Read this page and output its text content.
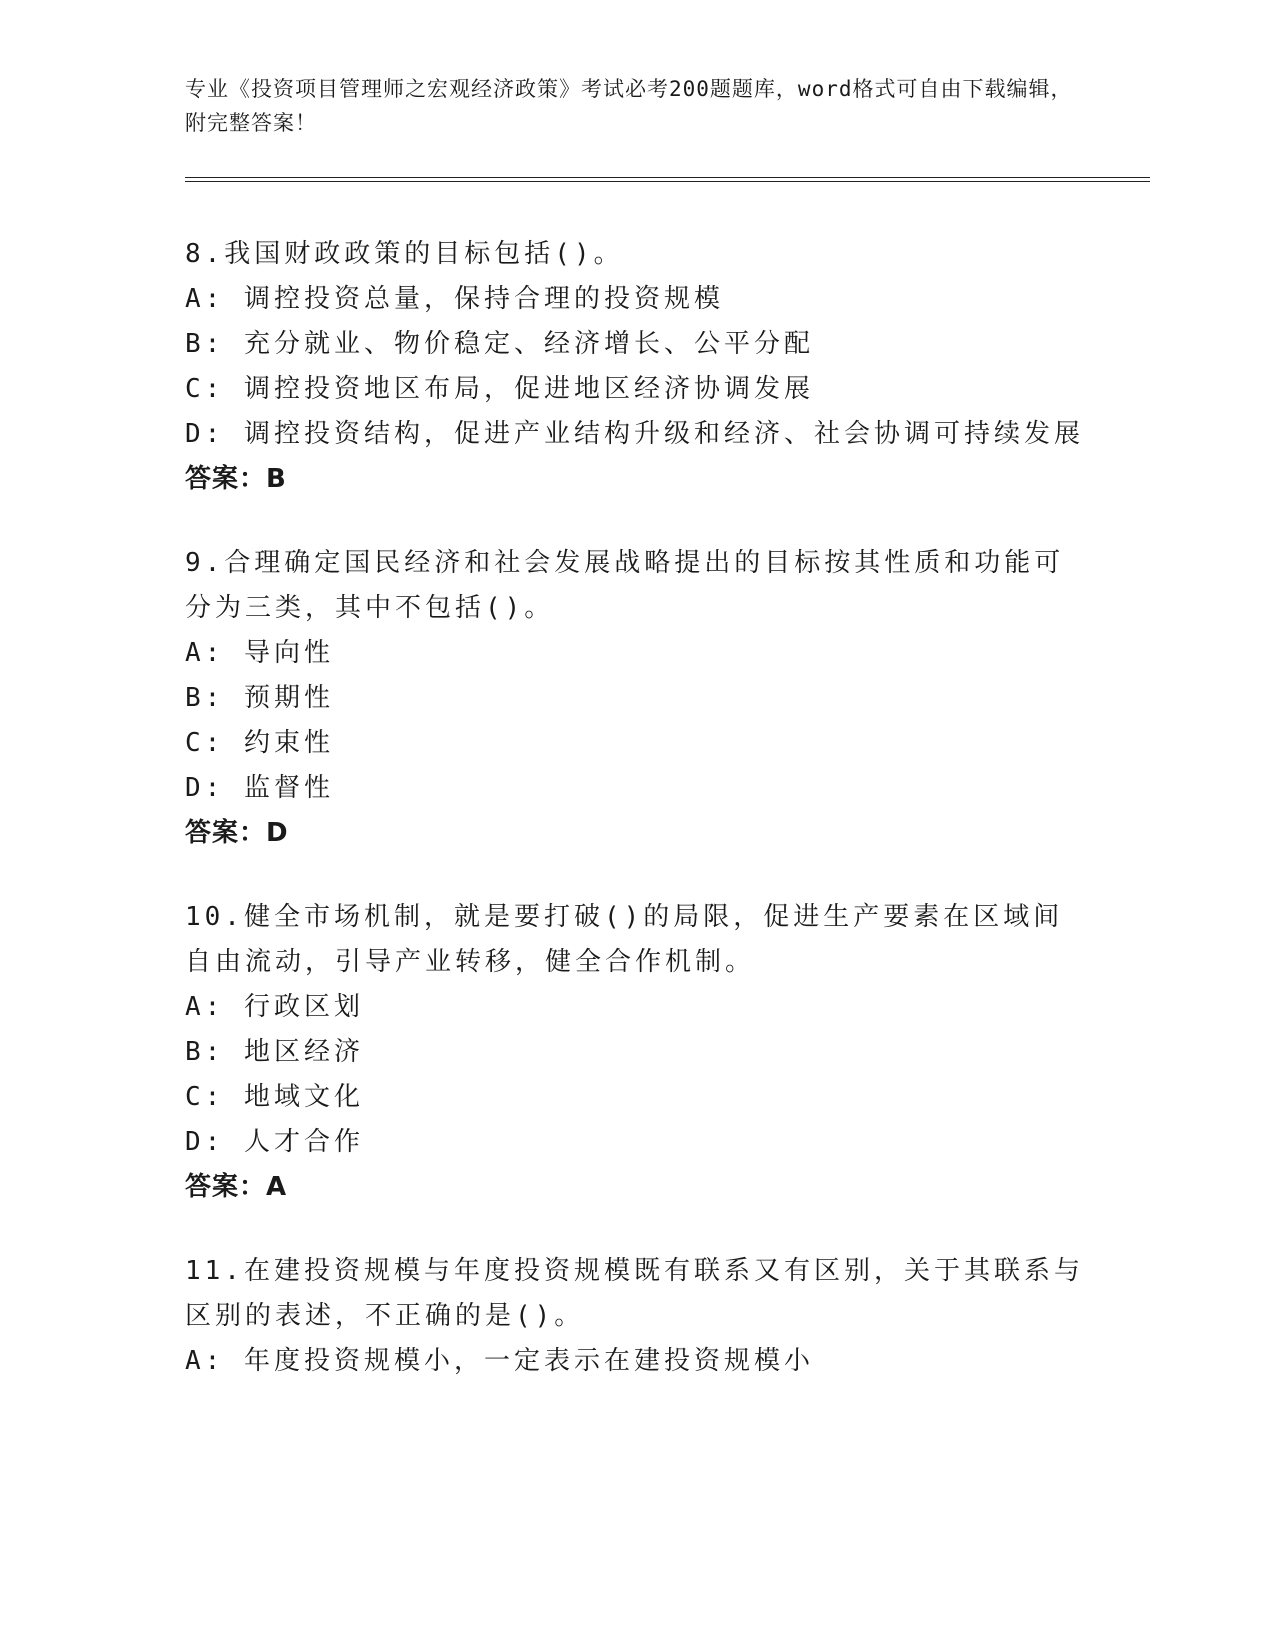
专业《投资项目管理师之宏观经济政策》考试必考200题题库，word格式可自由下载编辑，附完整答案！
8.我国财政政策的目标包括()。
A: 调控投资总量，保持合理的投资规模
B: 充分就业、物价稳定、经济增长、公平分配
C: 调控投资地区布局，促进地区经济协调发展
D: 调控投资结构，促进产业结构升级和经济、社会协调可持续发展
答案：B
9.合理确定国民经济和社会发展战略提出的目标按其性质和功能可分为三类，其中不包括()。
A: 导向性
B: 预期性
C: 约束性
D: 监督性
答案：D
10.健全市场机制，就是要打破()的局限，促进生产要素在区域间自由流动，引导产业转移，健全合作机制。
A: 行政区划
B: 地区经济
C: 地域文化
D: 人才合作
答案：A
11.在建投资规模与年度投资规模既有联系又有区别，关于其联系与区别的表述，不正确的是()。
A: 年度投资规模小，一定表示在建投资规模小
